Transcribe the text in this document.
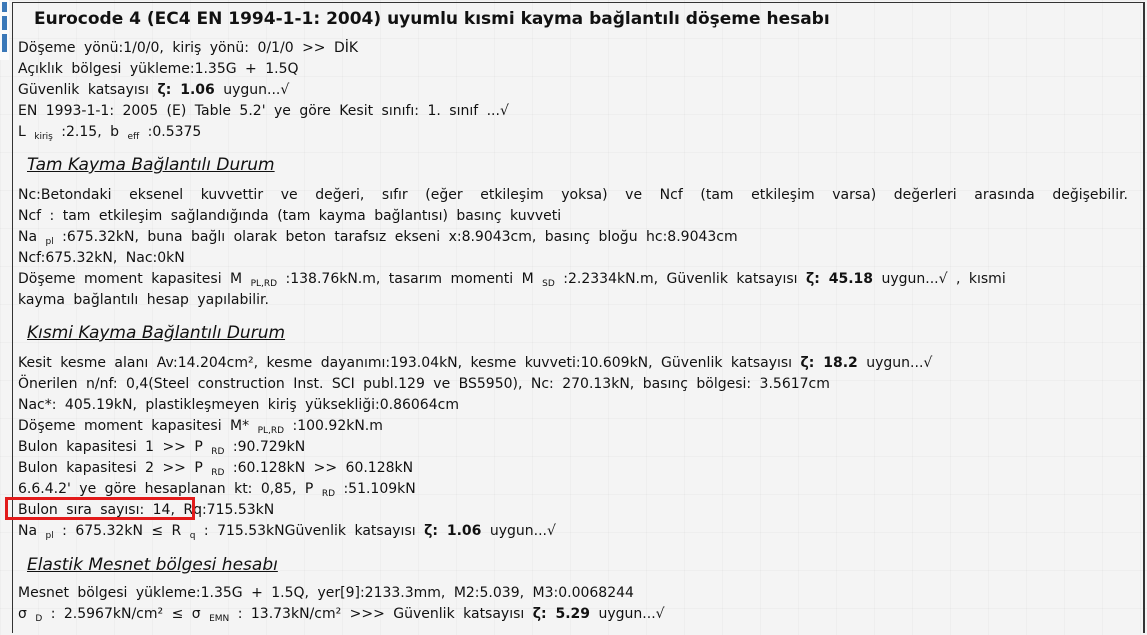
Eurocode 4 (EC4 EN 1994-1-1: 2004) uyumlu kısmi kayma bağlantılı döşeme hesabı
Döşeme yönü:1/0/0, kiriş yönü: 0/1/0 >> DİK
Açıklık bölgesi yükleme:1.35G + 1.5Q
Güvenlik katsayısı ζ: 1.06 uygun...√
EN 1993-1-1: 2005 (E) Table 5.2' ye göre Kesit sınıfı: 1. sınıf ...√
L $_{kiriş}$ :2.15, b $_{eff}$ :0.5375
Tam Kayma Bağlantılı Durum
Nc:Betondaki eksenel kuvvettir ve değeri, sıfır (eğer etkileşim yoksa) ve Ncf (tam etkileşim varsa) değerleri arasında değişebilir.
Ncf : tam etkileşim sağlandığında (tam kayma bağlantısı) basınç kuvveti
Na $_{pl}$ :675.32kN, buna bağlı olarak beton tarafsız ekseni x:8.9043cm, basınç bloğu hc:8.9043cm
Ncf:675.32kN, Nac:0kN
Döşeme moment kapasitesi M $_{PL,RD}$ :138.76kN.m, tasarım momenti M $_{SD}$ :2.2334kN.m, Güvenlik katsayısı ζ: 45.18 uygun...√ , kısmi
kayma bağlantılı hesap yapılabilir.
Kısmi Kayma Bağlantılı Durum
Kesit kesme alanı Av:14.204cm², kesme dayanımı:193.04kN, kesme kuvveti:10.609kN, Güvenlik katsayısı ζ: 18.2 uygun...√
Önerilen n/nf: 0,4(Steel construction Inst. SCI publ.129 ve BS5950), Nc: 270.13kN, basınç bölgesi: 3.5617cm
Nac*: 405.19kN, plastikleşmeyen kiriş yüksekliği:0.86064cm
Döşeme moment kapasitesi M* $_{PL,RD}$ :100.92kN.m
Bulon kapasitesi 1 >> P $_{RD}$ :90.729kN
Bulon kapasitesi 2 >> P $_{RD}$ :60.128kN >> 60.128kN
6.6.4.2' ye göre hesaplanan kt: 0,85, P $_{RD}$ :51.109kN
Bulon sıra sayısı: 14, Rq:715.53kN
Na $_{pl}$ : 675.32kN ≤ R $_q$ : 715.53kNGüvenlik katsayısı ζ: 1.06 uygun...√
Elastik Mesnet bölgesi hesabı
Mesnet bölgesi yükleme:1.35G + 1.5Q, yer[9]:2133.3mm, M2:5.039, M3:0.0068244
σ $_D$ : 2.5967kN/cm² ≤ σ $_{EMN}$ : 13.73kN/cm² >>> Güvenlik katsayısı ζ: 5.29 uygun...√
